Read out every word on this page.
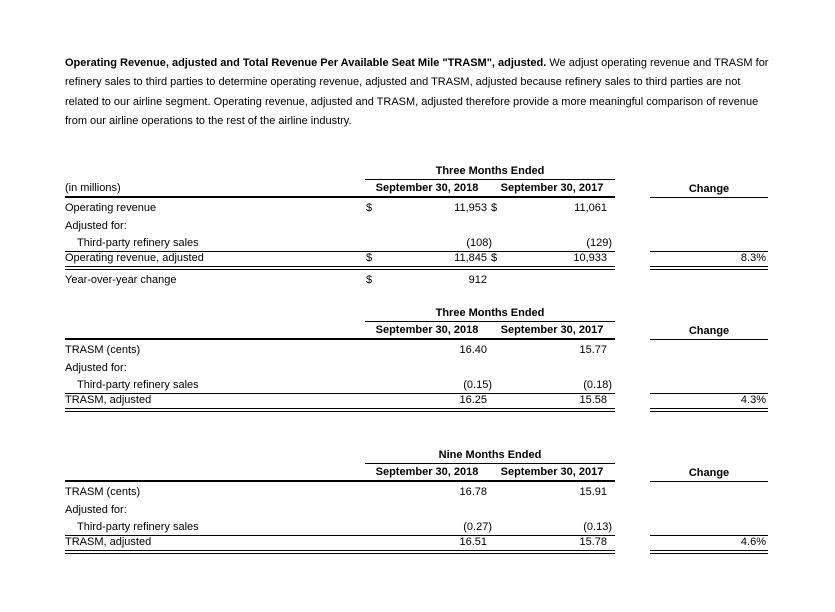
Operating Revenue, adjusted and Total Revenue Per Available Seat Mile "TRASM", adjusted. We adjust operating revenue and TRASM for
refinery sales to third parties to determine operating revenue, adjusted and TRASM, adjusted because refinery sales to third parties are not
related to our airline segment. Operating revenue, adjusted and TRASM, adjusted therefore provide a more meaningful comparison of revenue
from our airline operations to the rest of the airline industry.
Three Months Ended
(in millions)	September 30, 2018	September 30, 2017	Change
Operating revenue	$	11,953 $	11,061
Adjusted for:
Third-party refinery sales	(108)	(129)
Operating revenue, adjusted	$	11,845 $	10,933	8.3%
Year-over-year change	$	912
Three Months Ended
September 30, 2018	September 30, 2017	Change
TRASM (cents)	16.40	15.77
Adjusted for:
Third-party refinery sales	(0.15)	(0.18)
TRASM, adjusted	16.25	15.58	4.3%
Nine Months Ended
September 30, 2018	September 30, 2017	Change
TRASM (cents)	16.78	15.91
Adjusted for:
Third-party refinery sales	(0.27)	(0.13)
TRASM, adjusted	16.51	15.78	4.6%
